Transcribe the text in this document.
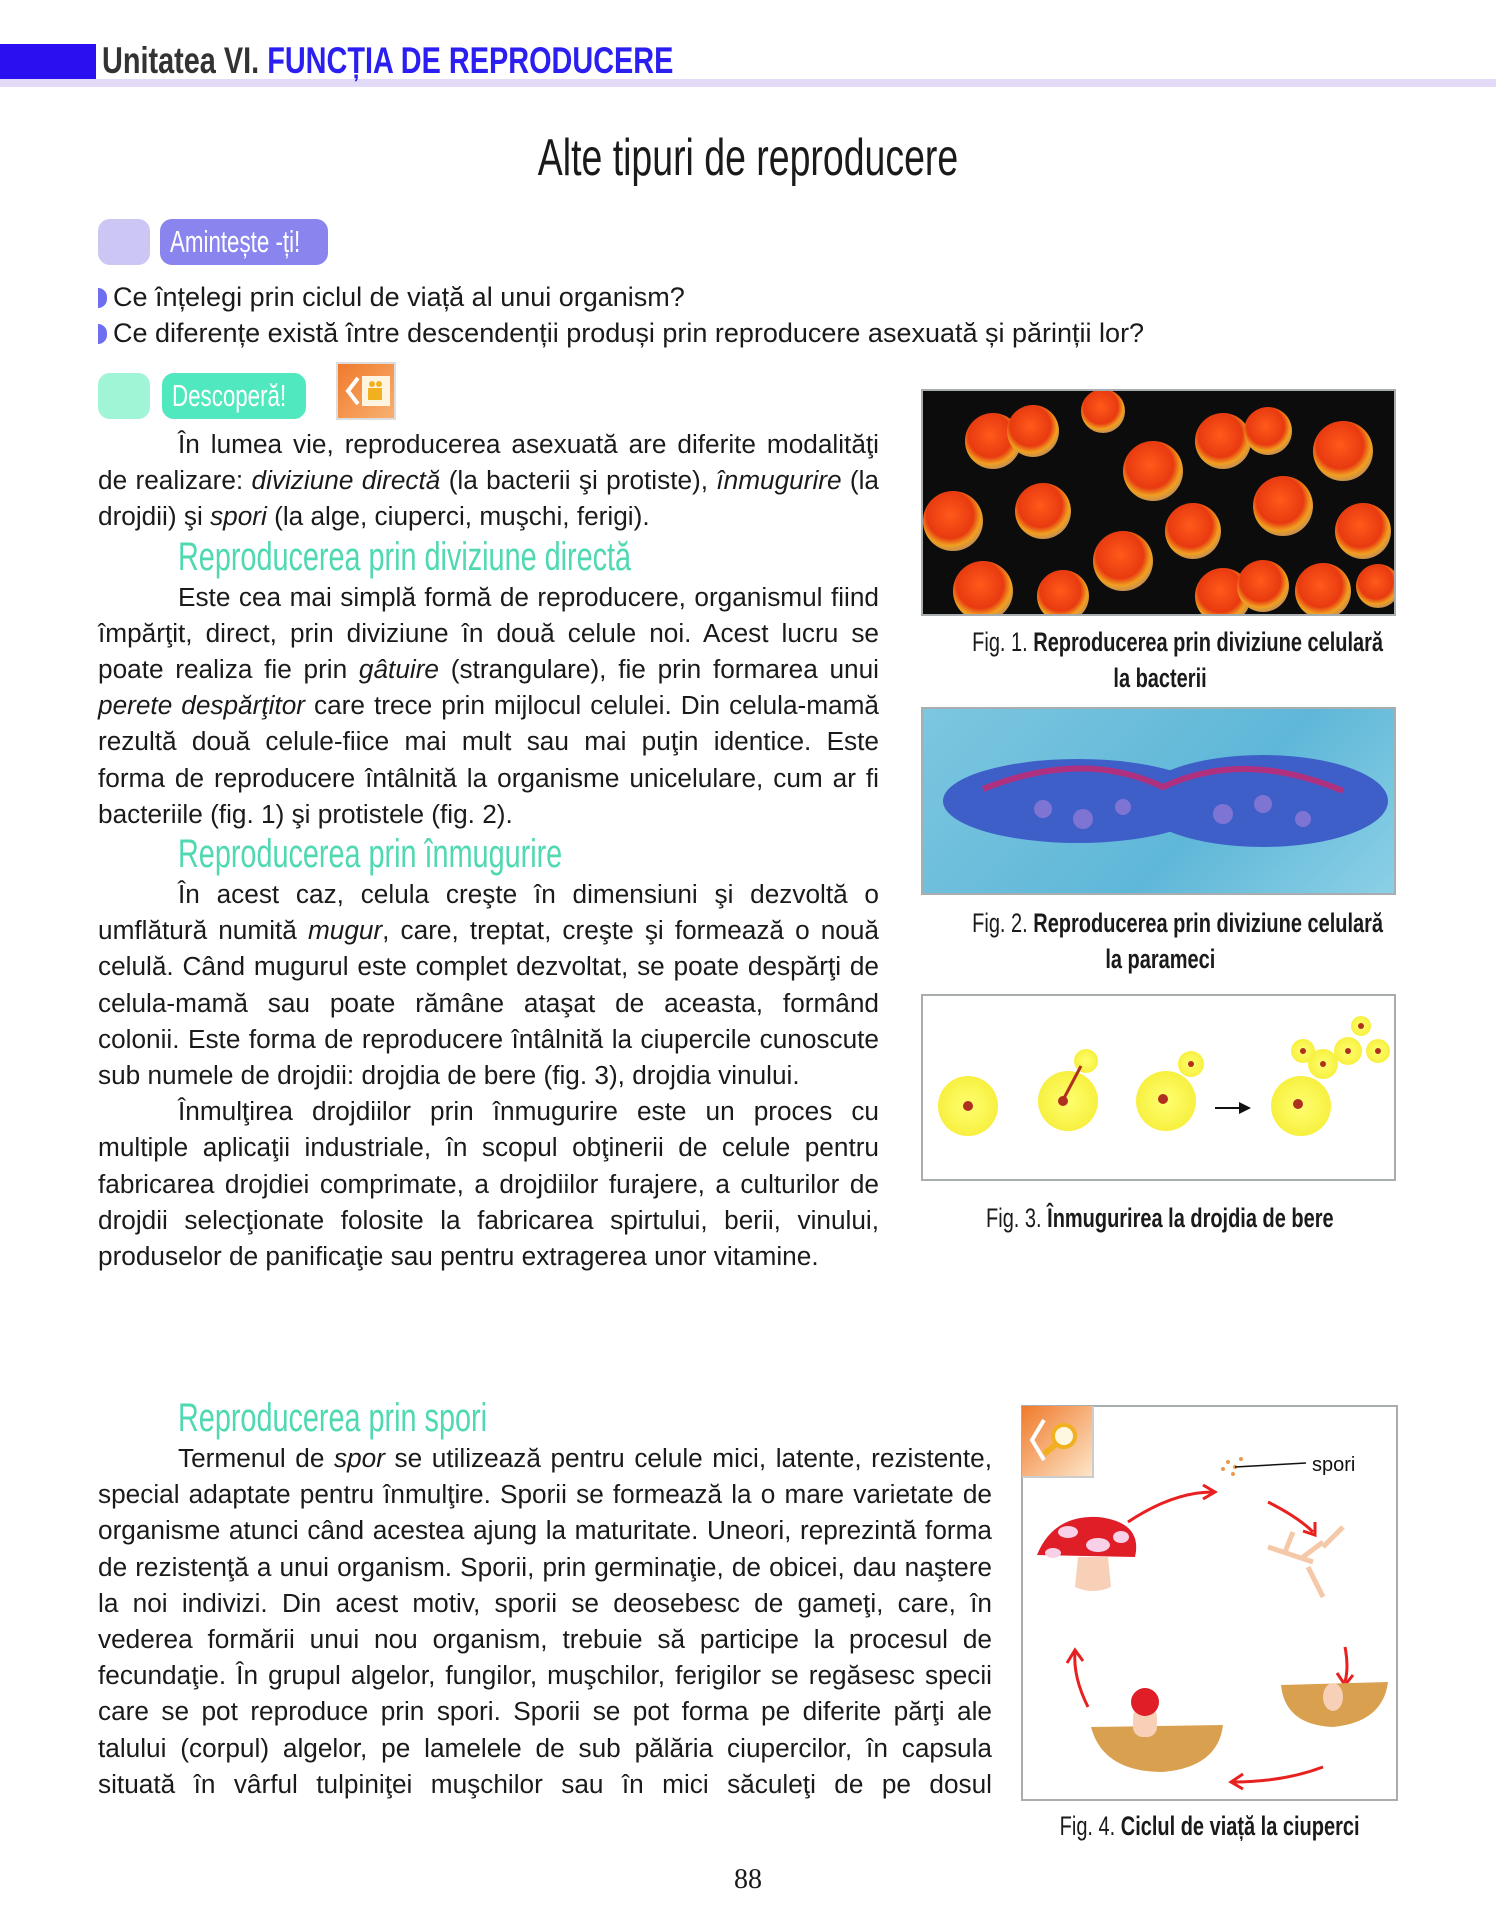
Unitatea VI. FUNCȚIA DE REPRODUCERE
Alte tipuri de reproducere
Amintește -ți!
Ce înțelegi prin ciclul de viață al unui organism?
Ce diferențe există între descendenții produși prin reproducere asexuată și părinții lor?
Descoperă!

În lumea vie, reproducerea asexuată are diferite modalităţi de realizare: diviziune directă (la bacterii şi protiste), înmugurire (la drojdii) şi spori (la alge, ciuperci, muşchi, ferigi).

Reproducerea prin diviziune directă

Este cea mai simplă formă de reproducere, organismul fiind împărţit, direct, prin diviziune în două celule noi. Acest lucru se poate realiza fie prin gâtuire (strangulare), fie prin formarea unui perete despărţitor care trece prin mijlocul celulei. Din celula-mamă rezultă două celule-fiice mai mult sau mai puţin identice. Este forma de reproducere întâlnită la organisme unicelulare, cum ar fi bacteriile (fig. 1) şi protistele (fig. 2).

Reproducerea prin înmugurire

În acest caz, celula creşte în dimensiuni şi dezvoltă o umflătură numită mugur, care, treptat, creşte şi formează o nouă celulă. Când mugurul este complet dezvoltat, se poate despărţi de celula-mamă sau poate rămâne ataşat de aceasta, formând colonii. Este forma de reproducere întâlnită la ciupercile cunoscute sub numele de drojdii: drojdia de bere (fig. 3), drojdia vinului.

Înmulţirea drojdiilor prin înmugurire este un proces cu multiple aplicaţii industriale, în scopul obţinerii de celule pentru fabricarea drojdiei comprimate, a drojdiilor furajere, a culturilor de drojdii selecţionate folosite la fabricarea spirtului, berii, vinului, produselor de panificaţie sau pentru extragerea unor vitamine.

Fig. 1. Reproducerea prin diviziune celulară
la bacterii
Fig. 2. Reproducerea prin diviziune celulară
la parameci
Fig. 3. Înmugurirea la drojdia de bere
Reproducerea prin spori

Termenul de spor se utilizează pentru celule mici, latente, rezistente, special adaptate pentru înmulţire. Sporii se formează la o mare varietate de organisme atunci când acestea ajung la maturitate. Uneori, reprezintă forma de rezistenţă a unui organism. Sporii, prin germinaţie, de obicei, dau naştere la noi indivizi. Din acest motiv, sporii se deosebesc de gameţi, care, în vederea formării unui nou organism, trebuie să participe la procesul de fecundaţie. În grupul algelor, fungilor, muşchilor, ferigilor se regăsesc specii care se pot reproduce prin spori. Sporii se pot forma pe diferite părţi ale talului (corpul) algelor, pe lamelele de sub pălăria ciupercilor, în capsula situată în vârful tulpiniţei muşchilor sau în mici săculeţi de pe dosul

spori
Fig. 4. Ciclul de viață la ciuperci
88
